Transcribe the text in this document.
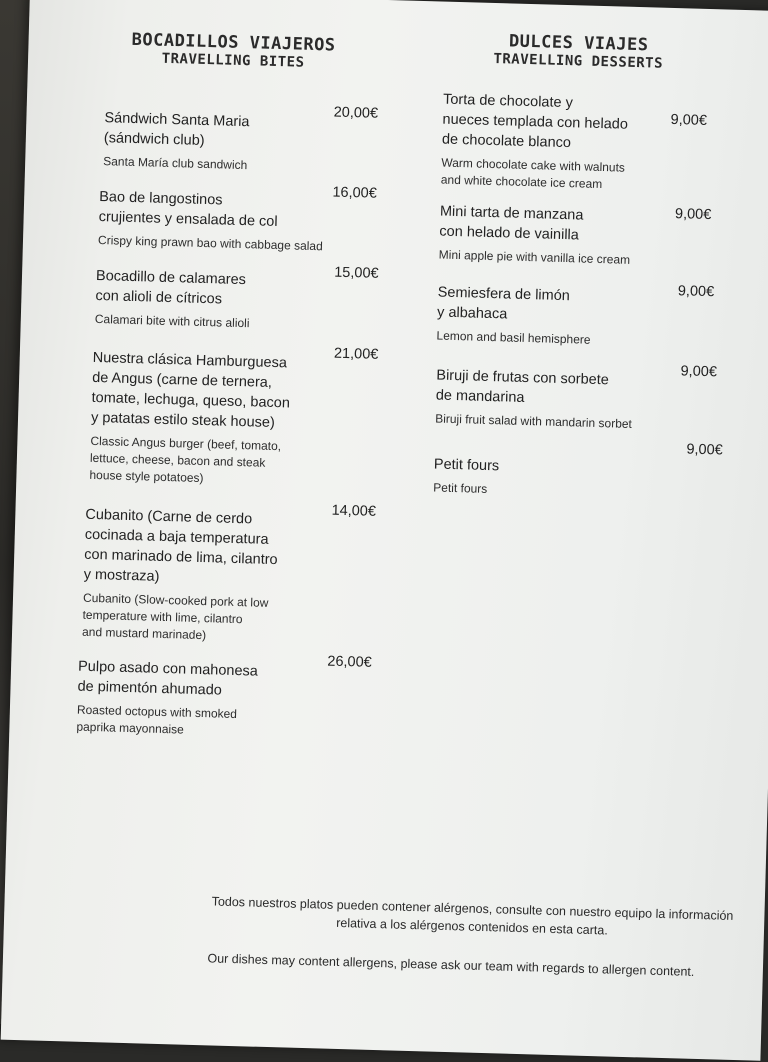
BOCADILLOS VIAJEROS
TRAVELLING BITES
Sándwich Santa Maria
(sándwich club)
Santa María club sandwich
20,00€
Bao de langostinos
crujientes y ensalada de col
Crispy king prawn bao with cabbage salad
16,00€
Bocadillo de calamares
con alioli de cítricos
Calamari bite with citrus alioli
15,00€
Nuestra clásica Hamburguesa
de Angus (carne de ternera,
tomate, lechuga, queso, bacon
y patatas estilo steak house)
Classic Angus burger (beef, tomato,
lettuce, cheese, bacon and steak
house style potatoes)
21,00€
Cubanito (Carne de cerdo
cocinada a baja temperatura
con marinado de lima, cilantro
y mostraza)
Cubanito (Slow-cooked pork at low
temperature with lime, cilantro
and mustard marinade)
14,00€
Pulpo asado con mahonesa
de pimentón ahumado
Roasted octopus with smoked
paprika mayonnaise
26,00€
DULCES VIAJES
TRAVELLING DESSERTS
Torta de chocolate y
nueces templada con helado
de chocolate blanco
Warm chocolate cake with walnuts
and white chocolate ice cream
9,00€
Mini tarta de manzana
con helado de vainilla
Mini apple pie with vanilla ice cream
9,00€
Semiesfera de limón
y albahaca
Lemon and basil hemisphere
9,00€
Biruji de frutas con sorbete
de mandarina
Biruji fruit salad with mandarin sorbet
9,00€
Petit fours
Petit fours
9,00€
Todos nuestros platos pueden contener alérgenos, consulte con nuestro equipo la información
relativa a los alérgenos contenidos en esta carta.
Our dishes may content allergens, please ask our team with regards to allergen content.
